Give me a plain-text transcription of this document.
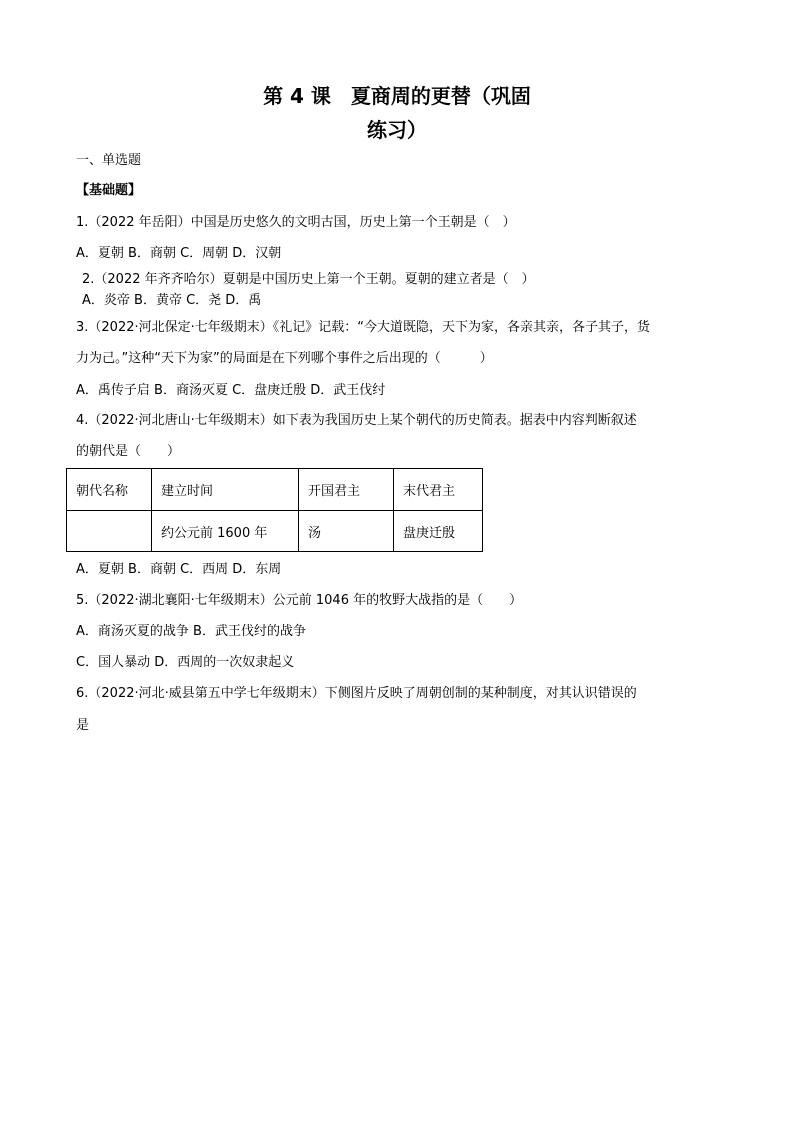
第 4 课　夏商周的更替（巩固
练习）
一、单选题
【基础题】
1.（2022 年岳阳）中国是历史悠久的文明古国，历史上第一个王朝是（　）
A．夏朝 B．商朝 C．周朝 D．汉朝
2.（2022 年齐齐哈尔）夏朝是中国历史上第一个王朝。夏朝的建立者是（　）
A．炎帝 B．黄帝 C．尧 D．禹
3.（2022·河北保定·七年级期末）《礼记》记载：“今大道既隐，天下为家，各亲其亲，各子其子，货
力为己。”这种“天下为家”的局面是在下列哪个事件之后出现的（　　　）
A．禹传子启 B．商汤灭夏 C．盘庚迁殷 D．武王伐纣
4.（2022·河北唐山·七年级期末）如下表为我国历史上某个朝代的历史简表。据表中内容判断叙述
的朝代是（　　）
朝代名称	建立时间	开国君主	末代君主
	约公元前 1600 年	汤	盘庚迁殷
A．夏朝 B．商朝 C．西周 D．东周
5.（2022·湖北襄阳·七年级期末）公元前 1046 年的牧野大战指的是（　　）
A．商汤灭夏的战争 B．武王伐纣的战争
C．国人暴动 D．西周的一次奴隶起义
6.（2022·河北·威县第五中学七年级期末）下侧图片反映了周朝创制的某种制度，对其认识错误的
是
